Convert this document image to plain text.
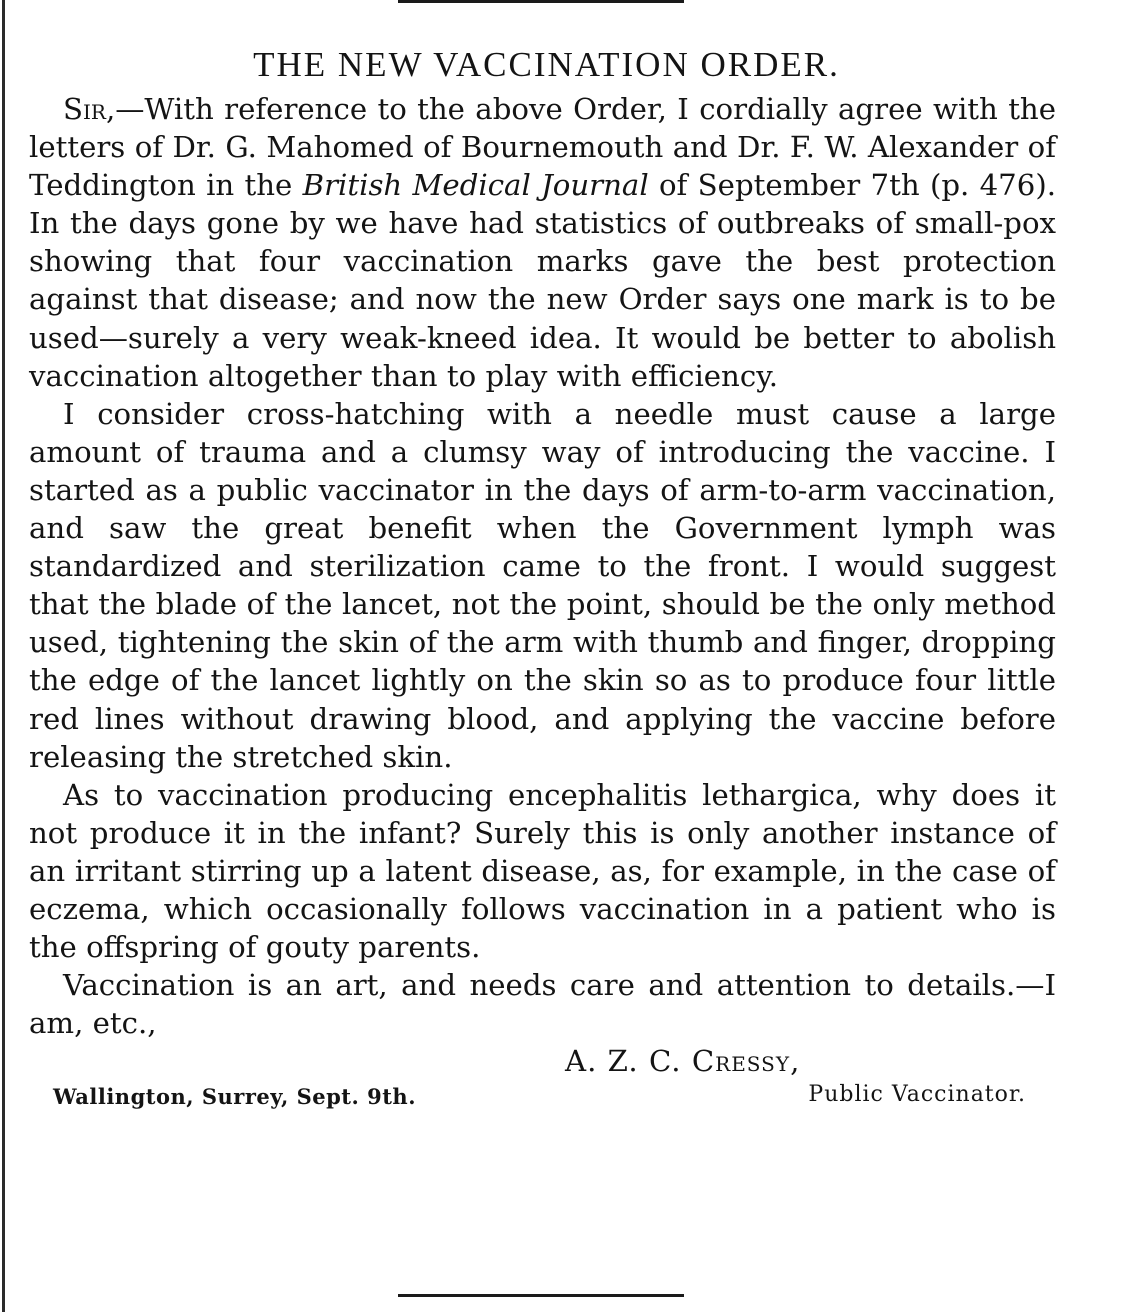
THE NEW VACCINATION ORDER.

Sir,—With reference to the above Order, I cordially agree with the letters of Dr. G. Mahomed of Bournemouth and Dr. F. W. Alexander of Teddington in the British Medical Journal of September 7th (p. 476). In the days gone by we have had statistics of outbreaks of small-pox showing that four vaccination marks gave the best protection against that disease; and now the new Order says one mark is to be used—surely a very weak-kneed idea. It would be better to abolish vaccination altogether than to play with efficiency.

I consider cross-hatching with a needle must cause a large amount of trauma and a clumsy way of introducing the vaccine. I started as a public vaccinator in the days of arm-to-arm vaccination, and saw the great benefit when the Government lymph was standardized and sterilization came to the front. I would suggest that the blade of the lancet, not the point, should be the only method used, tightening the skin of the arm with thumb and finger, dropping the edge of the lancet lightly on the skin so as to produce four little red lines without drawing blood, and applying the vaccine before releasing the stretched skin.

As to vaccination producing encephalitis lethargica, why does it not produce it in the infant? Surely this is only another instance of an irritant stirring up a latent disease, as, for example, in the case of eczema, which occasionally follows vaccination in a patient who is the offspring of gouty parents.

Vaccination is an art, and needs care and attention to details.—I am, etc.,

A. Z. C. Cressy,
Wallington, Surrey, Sept. 9th.	Public Vaccinator.
